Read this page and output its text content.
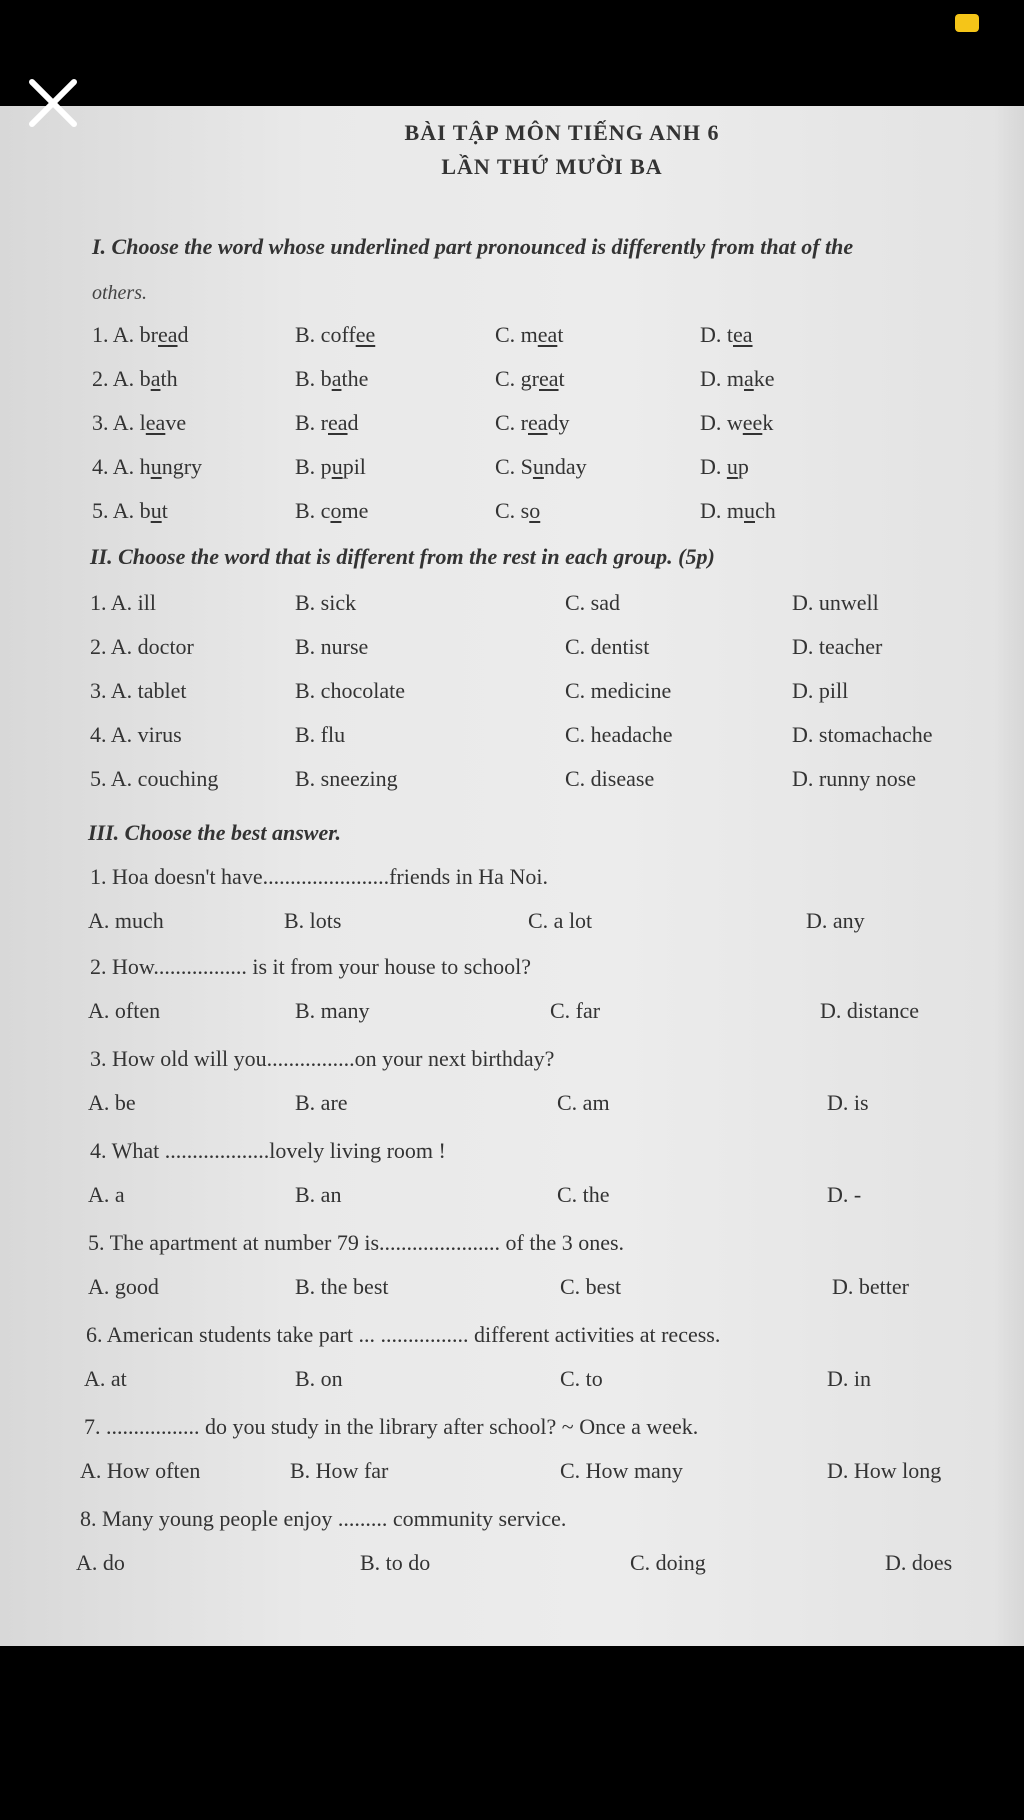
BÀI TẬP MÔN TIẾNG ANH 6
LẦN THỨ MƯỜI BA
I. Choose the word whose underlined part pronounced is differently from that of the
others.
1. A. bread	B. coffee	C. meat	D. tea
2. A. bath	B. bathe	C. great	D. make
3. A. leave	B. read	C. ready	D. week
4. A. hungry	B. pupil	C. Sunday	D. up
5. A. but	B. come	C. so	D. much
II. Choose the word that is different from the rest in each group. (5p)
1. A. ill	B. sick	C. sad	D. unwell
2. A. doctor	B. nurse	C. dentist	D. teacher
3. A. tablet	B. chocolate	C. medicine	D. pill
4. A. virus	B. flu	C. headache	D. stomachache
5. A. couching	B. sneezing	C. disease	D. runny nose
III. Choose the best answer.
1. Hoa doesn't have.......................friends in Ha Noi.
A. much	B. lots	C. a lot	D. any
2. How................. is it from your house to school?
A. often	B. many	C. far	D. distance
3. How old will you................on your next birthday?
A. be	B. are	C. am	D. is
4. What ...................lovely living room !
A. a	B. an	C. the	D. -
5. The apartment at number 79 is...................... of the 3 ones.
A. good	B. the best	C. best	D. better
6. American students take part ... ................ different activities at recess.
A. at	B. on	C. to	D. in
7. ................. do you study in the library after school? ~ Once a week.
A. How often	B. How far	C. How many	D. How long
8. Many young people enjoy ......... community service.
A. do	B. to do	C. doing	D. does
